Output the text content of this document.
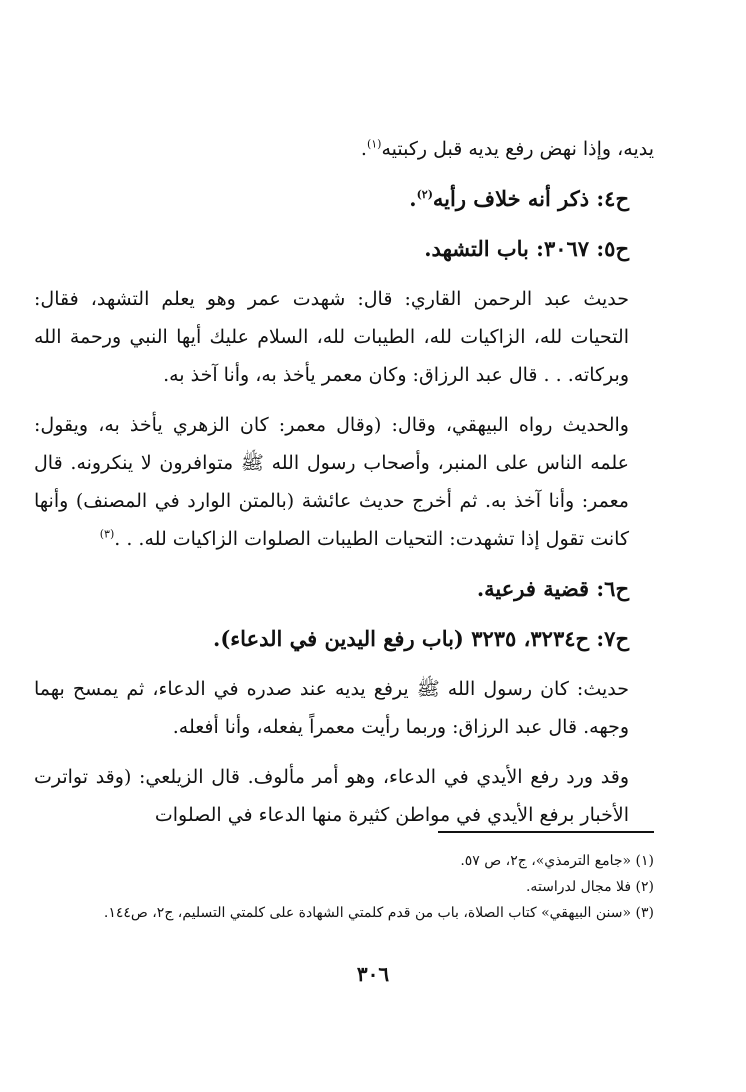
يديه، وإذا نهض رفع يديه قبل ركبتيه$^{(١)}$.
ح٤: ذكر أنه خلاف رأيه$^{(٢)}$.
ح٥: ٣٠٦٧: باب التشهد.

حديث عبد الرحمن القاري: قال: شهدت عمر وهو يعلم التشهد، فقال: التحيات لله، الزاكيات لله، الطيبات لله، السلام عليك أيها النبي ورحمة الله وبركاته. . . قال عبد الرزاق: وكان معمر يأخذ به، وأنا آخذ به.

والحديث رواه البيهقي، وقال: (وقال معمر: كان الزهري يأخذ به، ويقول: علمه الناس على المنبر، وأصحاب رسول الله ﷺ متوافرون لا ينكرونه. قال معمر: وأنا آخذ به. ثم أخرج حديث عائشة (بالمتن الوارد في المصنف) وأنها كانت تقول إذا تشهدت: التحيات الطيبات الصلوات الزاكيات لله. . .$^{(٣)}$
ح٦: قضية فرعية.
ح٧: ح٣٢٣٤، ٣٢٣٥ (باب رفع اليدين في الدعاء).

حديث: كان رسول الله ﷺ يرفع يديه عند صدره في الدعاء، ثم يمسح بهما وجهه. قال عبد الرزاق: وربما رأيت معمراً يفعله، وأنا أفعله.

وقد ورد رفع الأيدي في الدعاء، وهو أمر مألوف. قال الزيلعي: (وقد تواترت الأخبار برفع الأيدي في مواطن كثيرة منها الدعاء في الصلوات

(١) «جامع الترمذي»، ج٢، ص ٥٧.

(٢) فلا مجال لدراسته.

(٣) «سنن البيهقي» كتاب الصلاة، باب من قدم كلمتي الشهادة على كلمتي التسليم، ج٢، ص١٤٤.

٣٠٦
